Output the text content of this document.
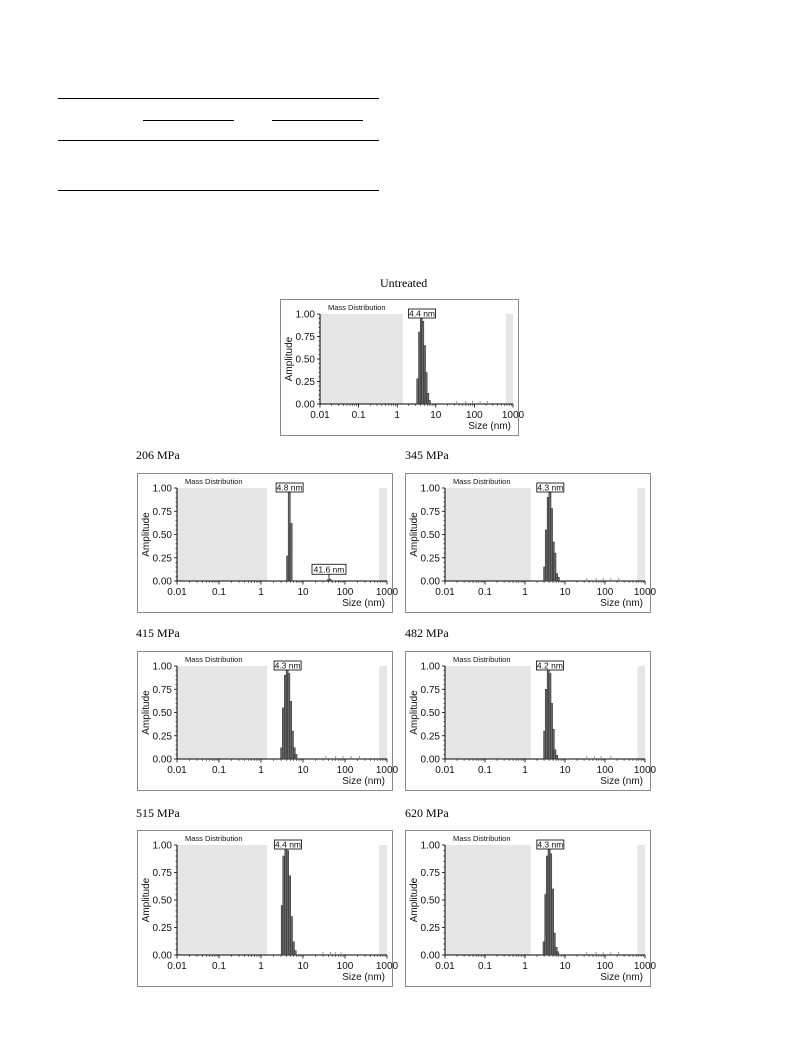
Untreated
206 MPa	345 MPa
415 MPa	482 MPa
515 MPa	620 MPa
Mass Distribution
0.00
0.25
0.50
0.75
1.00
0.01 0.1	1	10 100 1000
Size (nm)
Amplitude
4.4 nm
Mass Distribution
0.00
0.25
0.50
0.75
1.00
0.01	0.1	1	10	100 1000
Size (nm)
Amplitude
4.8 nm
41.6 nm
Mass Distribution
0.00
0.25
0.50
0.75
1.00
0.01 0.1	1	10	100 1000
Size (nm)
Amplitude
4.3 nm
Mass Distribution
0.00
0.25
0.50
0.75
1.00
0.01	0.1	1	10	100 1000
Size (nm)
Amplitude
4.3 nm
Mass Distribution
0.00
0.25
0.50
0.75
1.00
0.01 0.1	1	10	100 1000
Size (nm)
Amplitude
4.2 nm
Mass Distribution
0.00
0.25
0.50
0.75
1.00
0.01	0.1	1	10	100 1000
Size (nm)
Amplitude
4.4 nm
Mass Distribution
0.00
0.25
0.50
0.75
1.00
0.01 0.1	1	10	100 1000
Size (nm)
Amplitude
4.3 nm
